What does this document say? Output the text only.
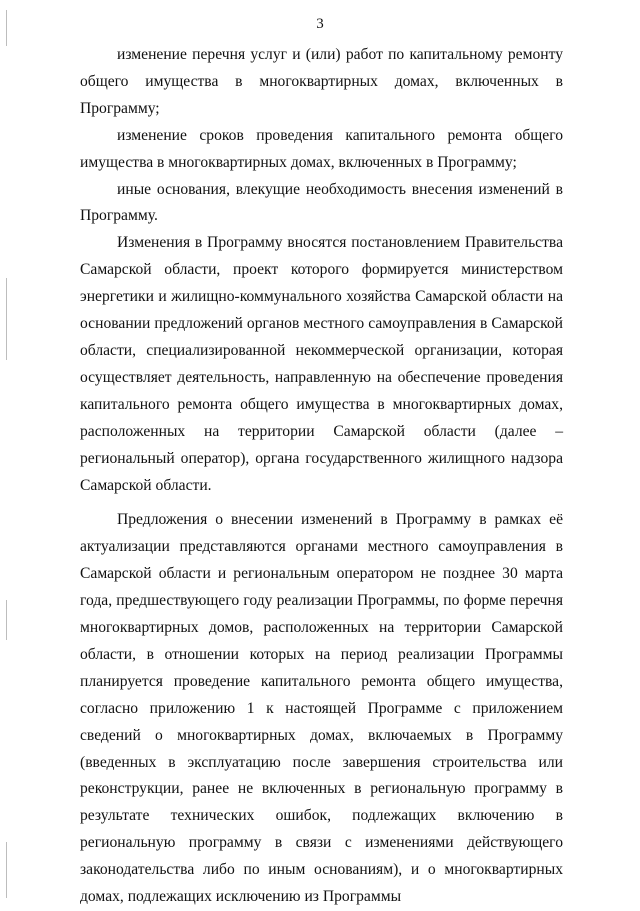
3

изменение перечня услуг и (или) работ по капитальному ремонту общего имущества в многоквартирных домах, включенных в Программу;

изменение сроков проведения капитального ремонта общего имущества в многоквартирных домах, включенных в Программу;

иные основания, влекущие необходимость внесения изменений в Программу.

Изменения в Программу вносятся постановлением Правительства Самарской области, проект которого формируется министерством энергетики и жилищно-коммунального хозяйства Самарской области на основании предложений органов местного самоуправления в Самарской области, специализированной некоммерческой организации, которая осуществляет деятельность, направленную на обеспечение проведения капитального ремонта общего имущества в многоквартирных домах, расположенных на территории Самарской области (далее – региональный оператор), органа государственного жилищного надзора Самарской области.

Предложения о внесении изменений в Программу в рамках её актуализации представляются органами местного самоуправления в Самарской области и региональным оператором не позднее 30 марта года, предшествующего году реализации Программы, по форме перечня многоквартирных домов, расположенных на территории Самарской области, в отношении которых на период реализации Программы планируется проведение капитального ремонта общего имущества, согласно приложению 1 к настоящей Программе с приложением сведений о многоквартирных домах, включаемых в Программу (введенных в эксплуатацию после завершения строительства или реконструкции, ранее не включенных в региональную программу в результате технических ошибок, подлежащих включению в региональную программу в связи с изменениями действующего законодательства либо по иным основаниям), и о многоквартирных домах, подлежащих исключению из Программы
